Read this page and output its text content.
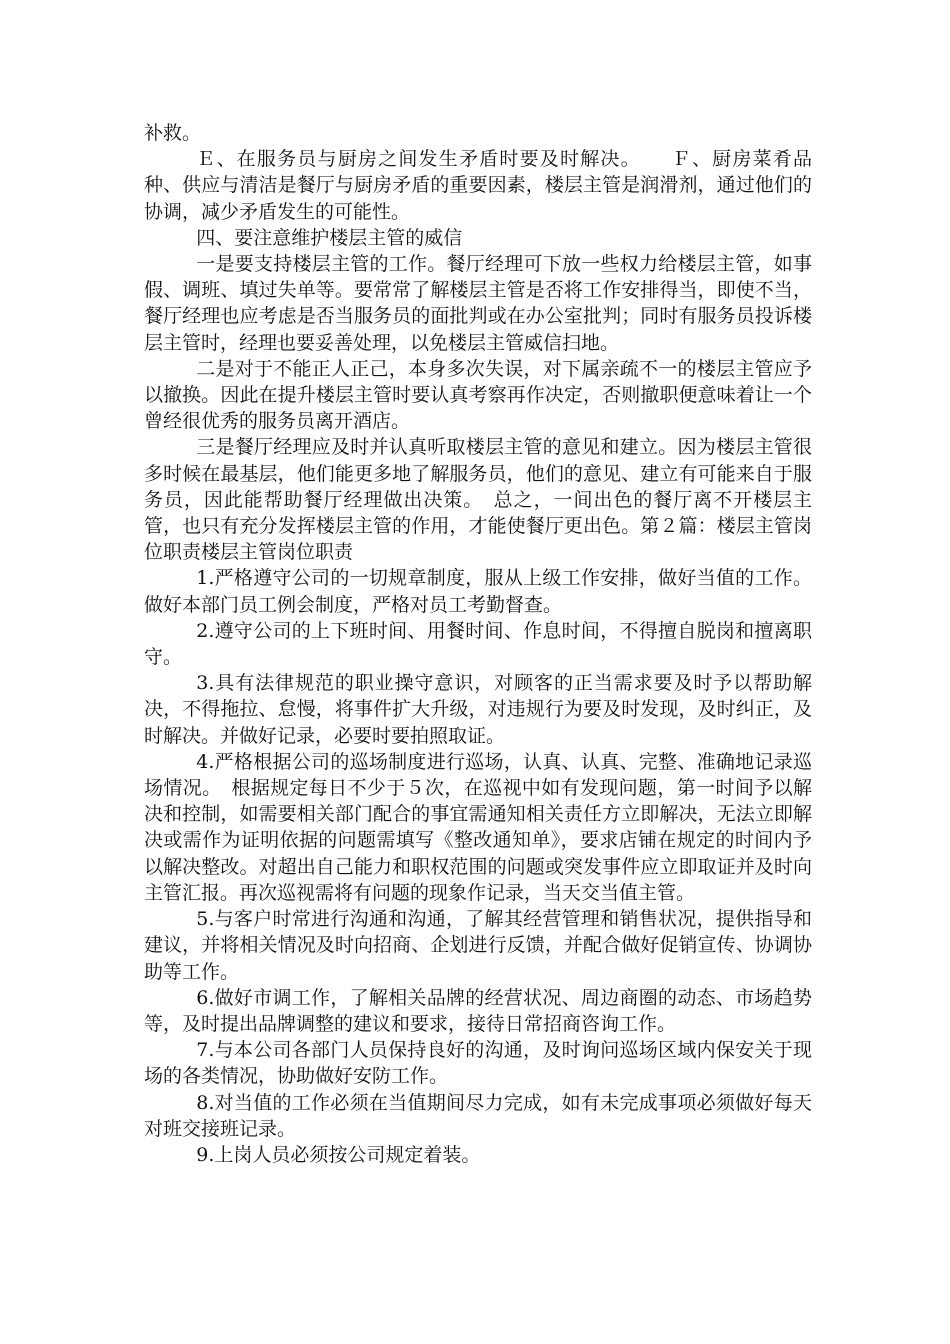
补救。

Ｅ、在服务员与厨房之间发生矛盾时要及时解决。　　Ｆ、厨房菜肴品种、供应与清洁是餐厅与厨房矛盾的重要因素，楼层主管是润滑剂，通过他们的协调，减少矛盾发生的可能性。

四、要注意维护楼层主管的威信

一是要支持楼层主管的工作。餐厅经理可下放一些权力给楼层主管，如事假、调班、填过失单等。要常常了解楼层主管是否将工作安排得当，即使不当，餐厅经理也应考虑是否当服务员的面批判或在办公室批判；同时有服务员投诉楼层主管时，经理也要妥善处理，以免楼层主管威信扫地。

二是对于不能正人正己，本身多次失误，对下属亲疏不一的楼层主管应予以撤换。因此在提升楼层主管时要认真考察再作决定，否则撤职便意味着让一个曾经很优秀的服务员离开酒店。

三是餐厅经理应及时并认真听取楼层主管的意见和建立。因为楼层主管很多时候在最基层，他们能更多地了解服务员，他们的意见、建立有可能来自于服务员，因此能帮助餐厅经理做出决策。　总之，一间出色的餐厅离不开楼层主管，也只有充分发挥楼层主管的作用，才能使餐厅更出色。第２篇：楼层主管岗位职责楼层主管岗位职责

1.严格遵守公司的一切规章制度，服从上级工作安排，做好当值的工作。做好本部门员工例会制度，严格对员工考勤督查。

2.遵守公司的上下班时间、用餐时间、作息时间，不得擅自脱岗和擅离职守。

3.具有法律规范的职业操守意识，对顾客的正当需求要及时予以帮助解决，不得拖拉、怠慢，将事件扩大升级，对违规行为要及时发现，及时纠正，及时解决。并做好记录，必要时要拍照取证。

4.严格根据公司的巡场制度进行巡场，认真、认真、完整、准确地记录巡场情况。　根据规定每日不少于５次，在巡视中如有发现问题，第一时间予以解决和控制，如需要相关部门配合的事宜需通知相关责任方立即解决，无法立即解决或需作为证明依据的问题需填写《整改通知单》，要求店铺在规定的时间内予以解决整改。对超出自己能力和职权范围的问题或突发事件应立即取证并及时向主管汇报。再次巡视需将有问题的现象作记录，当天交当值主管。

5.与客户时常进行沟通和沟通，了解其经营管理和销售状况，提供指导和建议，并将相关情况及时向招商、企划进行反馈，并配合做好促销宣传、协调协助等工作。

6.做好市调工作，了解相关品牌的经营状况、周边商圈的动态、市场趋势等，及时提出品牌调整的建议和要求，接待日常招商咨询工作。

7.与本公司各部门人员保持良好的沟通，及时询问巡场区域内保安关于现场的各类情况，协助做好安防工作。

8.对当值的工作必须在当值期间尽力完成，如有未完成事项必须做好每天对班交接班记录。

9.上岗人员必须按公司规定着装。
